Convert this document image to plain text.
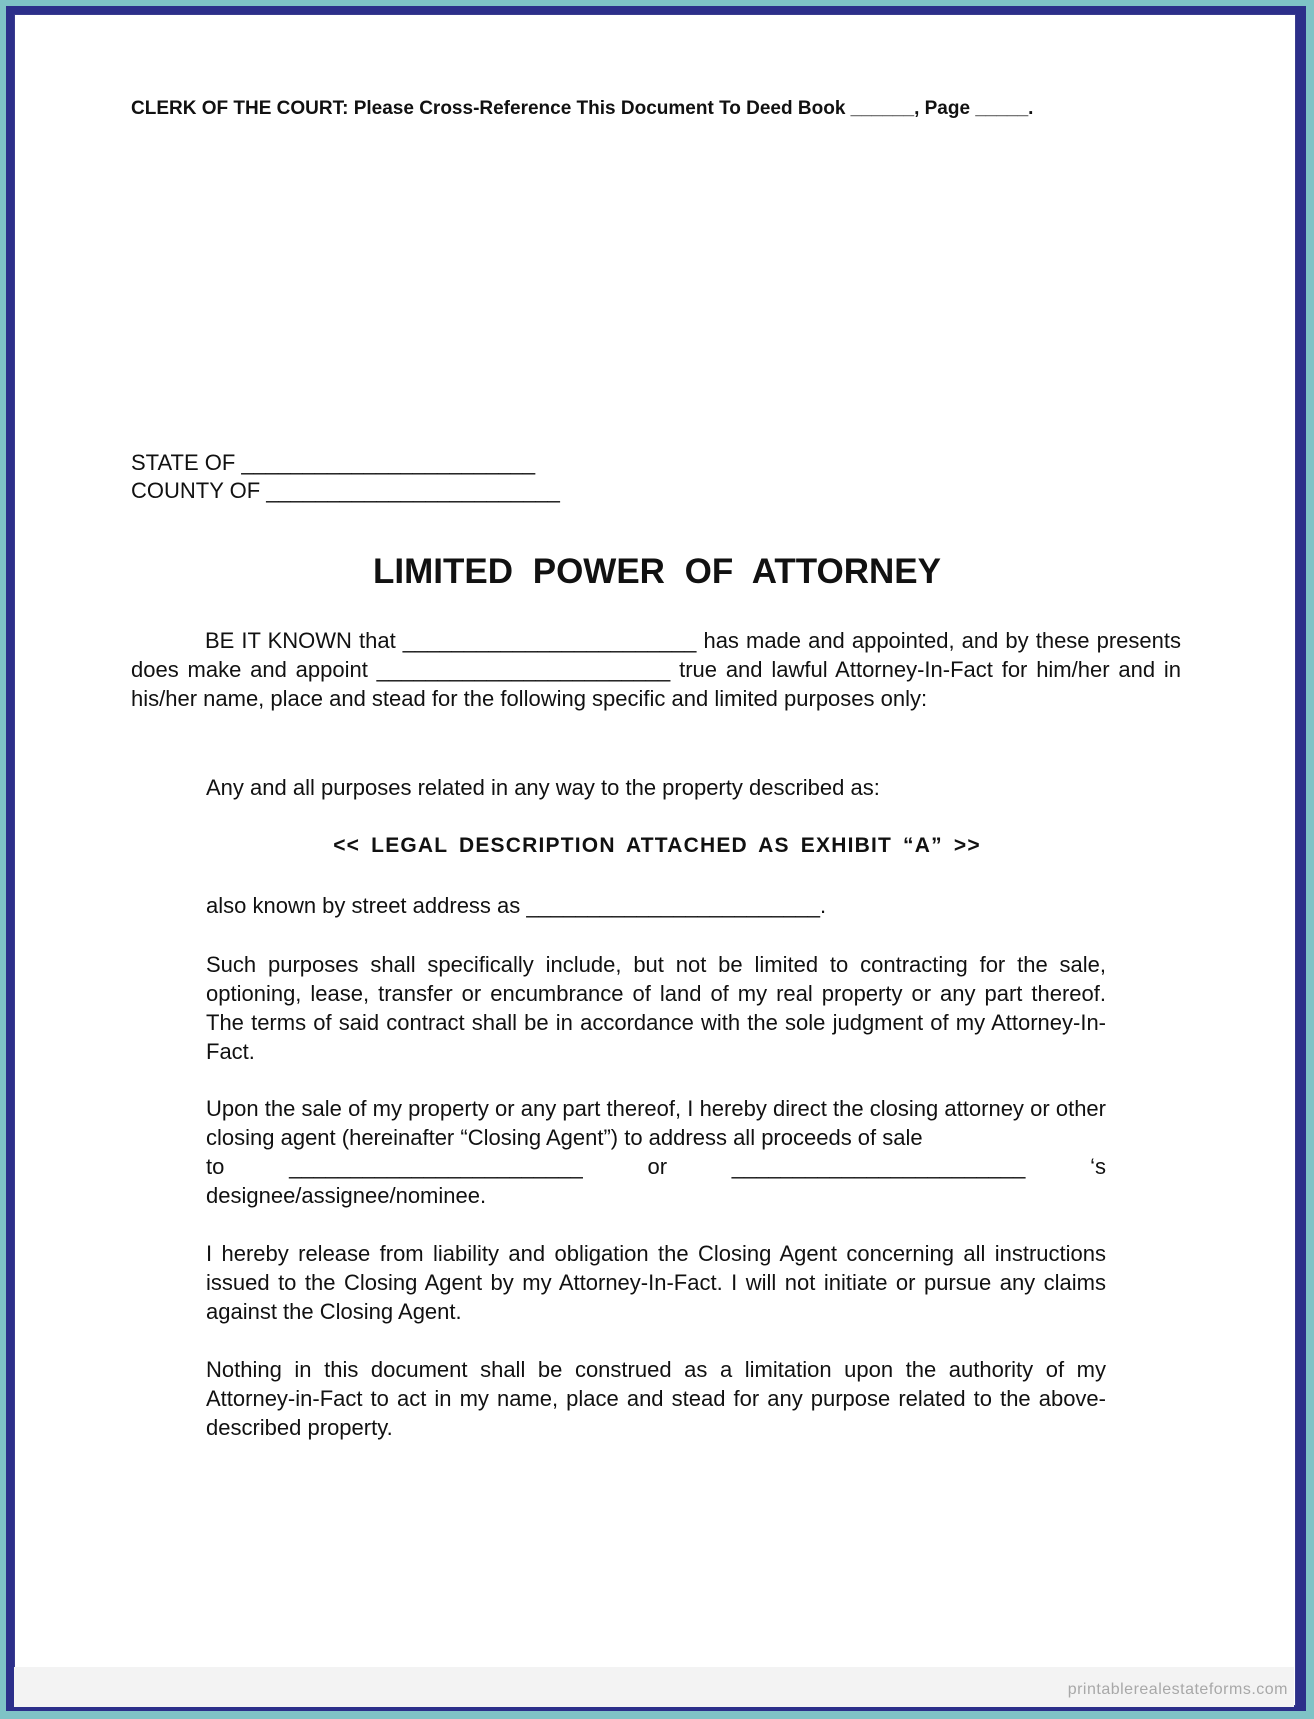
CLERK OF THE COURT: Please Cross-Reference This Document To Deed Book ______, Page _____.
STATE OF ________________________
COUNTY OF ________________________
LIMITED POWER OF ATTORNEY
BE IT KNOWN that ________________________ has made and appointed, and by these presents does make and appoint ________________________ true and lawful Attorney-In-Fact for him/her and in his/her name, place and stead for the following specific and limited purposes only:
Any and all purposes related in any way to the property described as:
<< LEGAL DESCRIPTION ATTACHED AS EXHIBIT “A” >>
also known by street address as ________________________.
Such purposes shall specifically include, but not be limited to contracting for the sale, optioning, lease, transfer or encumbrance of land of my real property or any part thereof. The terms of said contract shall be in accordance with the sole judgment of my Attorney-In-Fact.
Upon the sale of my property or any part thereof, I hereby direct the closing attorney or other closing agent (hereinafter “Closing Agent”) to address all proceeds of sale
to	________________________	or	________________________	‘s
designee/assignee/nominee.
I hereby release from liability and obligation the Closing Agent concerning all instructions issued to the Closing Agent by my Attorney-In-Fact. I will not initiate or pursue any claims against the Closing Agent.
Nothing in this document shall be construed as a limitation upon the authority of my Attorney-in-Fact to act in my name, place and stead for any purpose related to the above-described property.
printablerealestateforms.com
